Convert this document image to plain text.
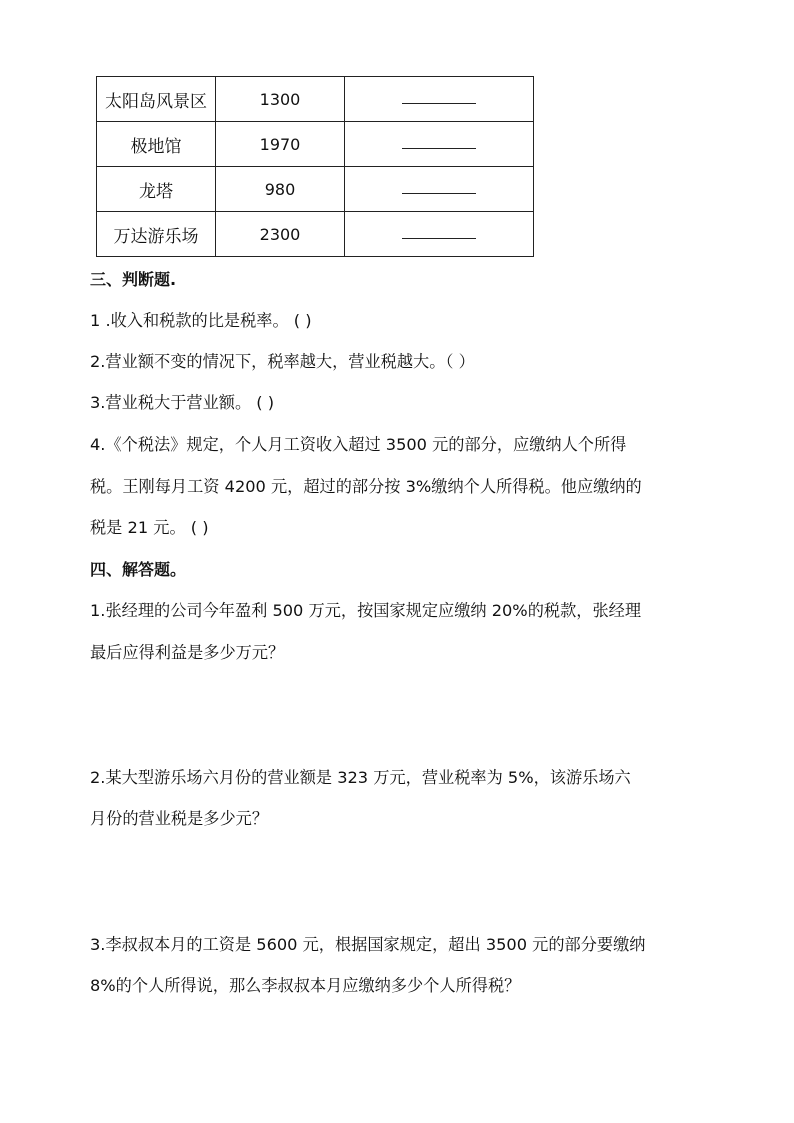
太阳岛风景区	1300	
极地馆	1970	
龙塔	980	
万达游乐场	2300	
三、判断题.
1 .收入和税款的比是税率。 ( )
2.营业额不变的情况下，税率越大，营业税越大。（ ）
3.营业税大于营业额。 ( )
4.《个税法》规定，个人月工资收入超过 3500 元的部分，应缴纳人个所得
税。王刚每月工资 4200 元，超过的部分按 3%缴纳个人所得税。他应缴纳的
税是 21 元。 ( )
四、解答题。
1.张经理的公司今年盈利 500 万元，按国家规定应缴纳 20%的税款，张经理
最后应得利益是多少万元？
2.某大型游乐场六月份的营业额是 323 万元，营业税率为 5%，该游乐场六
月份的营业税是多少元？
3.李叔叔本月的工资是 5600 元，根据国家规定，超出 3500 元的部分要缴纳
8%的个人所得说，那么李叔叔本月应缴纳多少个人所得税？
